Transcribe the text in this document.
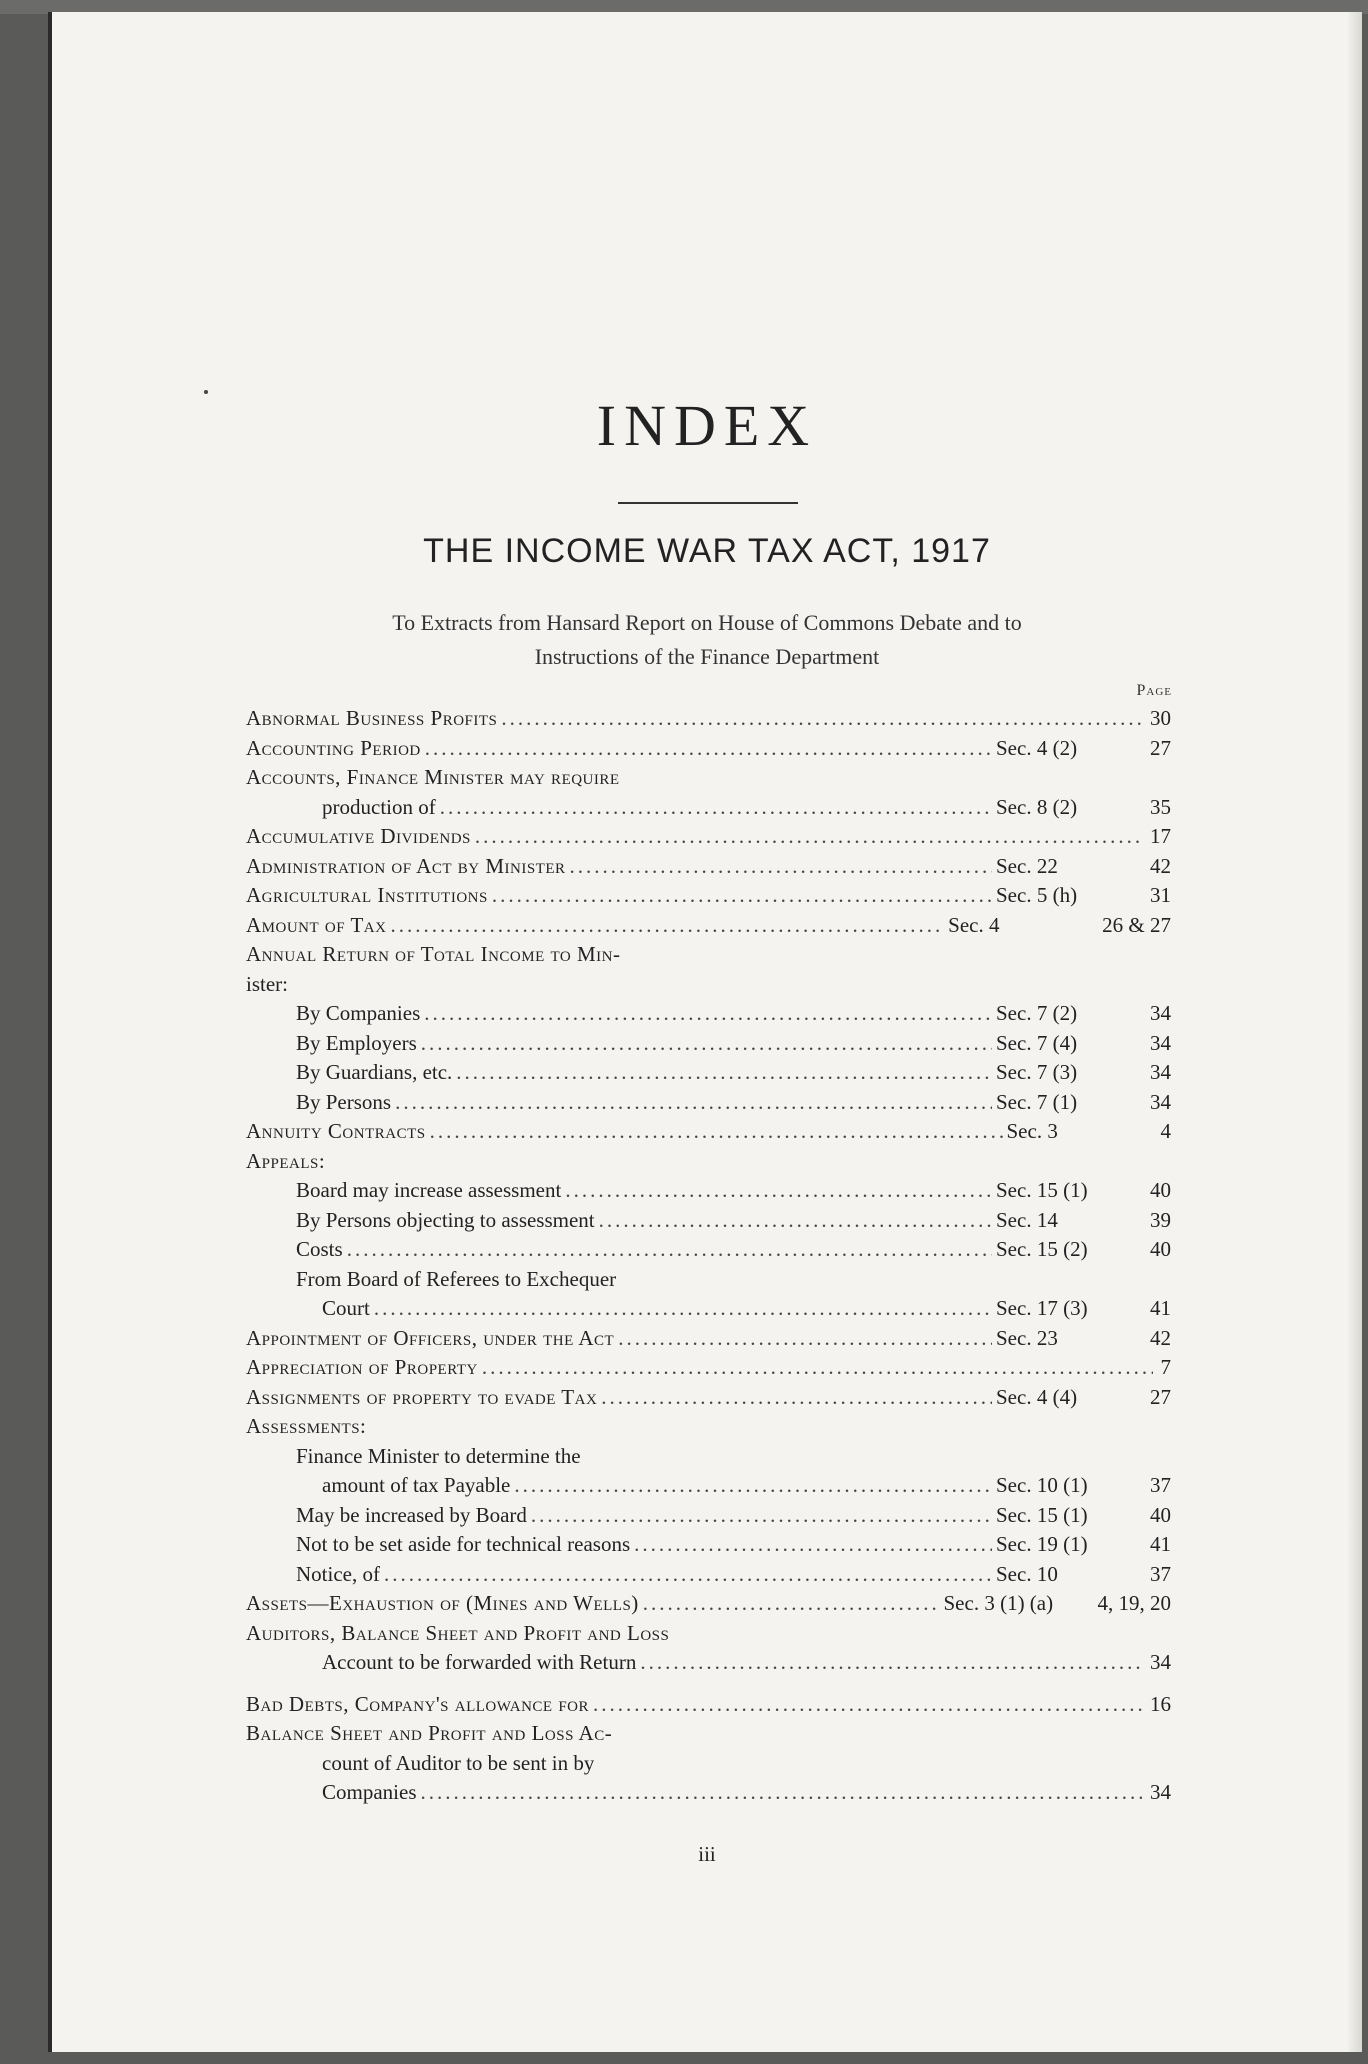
INDEX
THE INCOME WAR TAX ACT, 1917
To Extracts from Hansard Report on House of Commons Debate and to
Instructions of the Finance Department
Page
Abnormal Business Profits .....	30
Accounting Period .....	Sec. 4 (2)	27
Accounts, Finance Minister may require
production of .....	Sec. 8 (2)	35
Accumulative Dividends .....	17
Administration of Act by Minister .....	Sec. 22	42
Agricultural Institutions .....	Sec. 5 (h)	31
Amount of Tax .....	Sec. 4	26 & 27
Annual Return of Total Income to Min-
ister:
By Companies .....	Sec. 7 (2)	34
By Employers .....	Sec. 7 (4)	34
By Guardians, etc. .....	Sec. 7 (3)	34
By Persons .....	Sec. 7 (1)	34
Annuity Contracts .....	Sec. 3	4
Appeals:
Board may increase assessment .....	Sec. 15 (1)	40
By Persons objecting to assessment .....	Sec. 14	39
Costs .....	Sec. 15 (2)	40
From Board of Referees to Exchequer
Court .....	Sec. 17 (3)	41
Appointment of Officers, under the Act .....	Sec. 23	42
Appreciation of Property .....	7
Assignments of property to evade Tax .....	Sec. 4 (4)	27
Assessments:
Finance Minister to determine the
amount of tax Payable .....	Sec. 10 (1)	37
May be increased by Board .....	Sec. 15 (1)	40
Not to be set aside for technical reasons .....	Sec. 19 (1)	41
Notice, of .....	Sec. 10	37
Assets—Exhaustion of (Mines and Wells) .....	Sec. 3 (1) (a)	4, 19, 20
Auditors, Balance Sheet and Profit and Loss
Account to be forwarded with Return .....	34
Bad Debts, Company's allowance for .....	16
Balance Sheet and Profit and Loss Ac-
count of Auditor to be sent in by
Companies .....	34
iii
